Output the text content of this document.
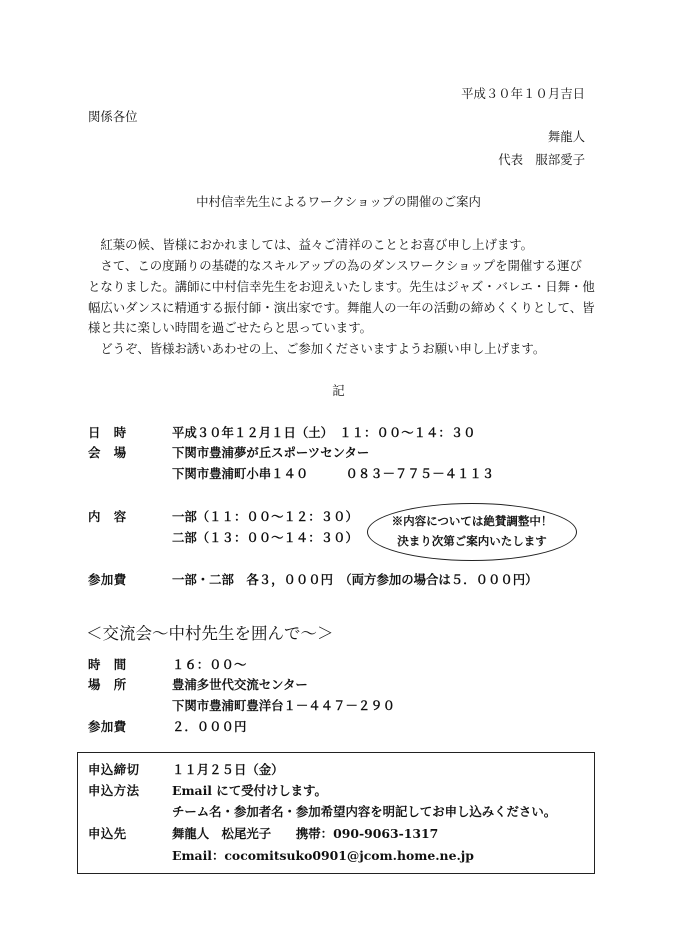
平成３０年１０月吉日
関係各位
舞龍人
代表　服部愛子
中村信幸先生によるワークショップの開催のご案内
　紅葉の候、皆様におかれましては、益々ご清祥のこととお喜び申し上げます。
　さて、この度踊りの基礎的なスキルアップの為のダンスワークショップを開催する運び
となりました。講師に中村信幸先生をお迎えいたします。先生はジャズ・バレエ・日舞・他
幅広いダンスに精通する振付師・演出家です。舞龍人の一年の活動の締めくくりとして、皆
様と共に楽しい時間を過ごせたらと思っています。
　どうぞ、皆様お誘いあわせの上、ご参加くださいますようお願い申し上げます。
記
日　時	平成３０年１２月１日（土）　１１：００～１４：３０
会　場	下関市豊浦夢が丘スポーツセンター
下関市豊浦町小串１４０　　　０８３－７７５－４１１３
内　容	一部（１１：００～１２：３０）
二部（１３：００～１４：３０）
※内容については絶賛調整中！
決まり次第ご案内いたします
参加費	一部・二部　各３，０００円　（両方参加の場合は５．０００円）
＜交流会～中村先生を囲んで～＞
時　間	１６：００～
場　所	豊浦多世代交流センター
下関市豊浦町豊洋台１－４４７－２９０
参加費	２．０００円
申込締切	１１月２５日（金）
申込方法	Email にて受付けします。
チーム名・参加者名・参加希望内容を明記してお申し込みください。
申込先	舞龍人　松尾光子　　携帯：090-9063-1317
Email：cocomitsuko0901@jcom.home.ne.jp
